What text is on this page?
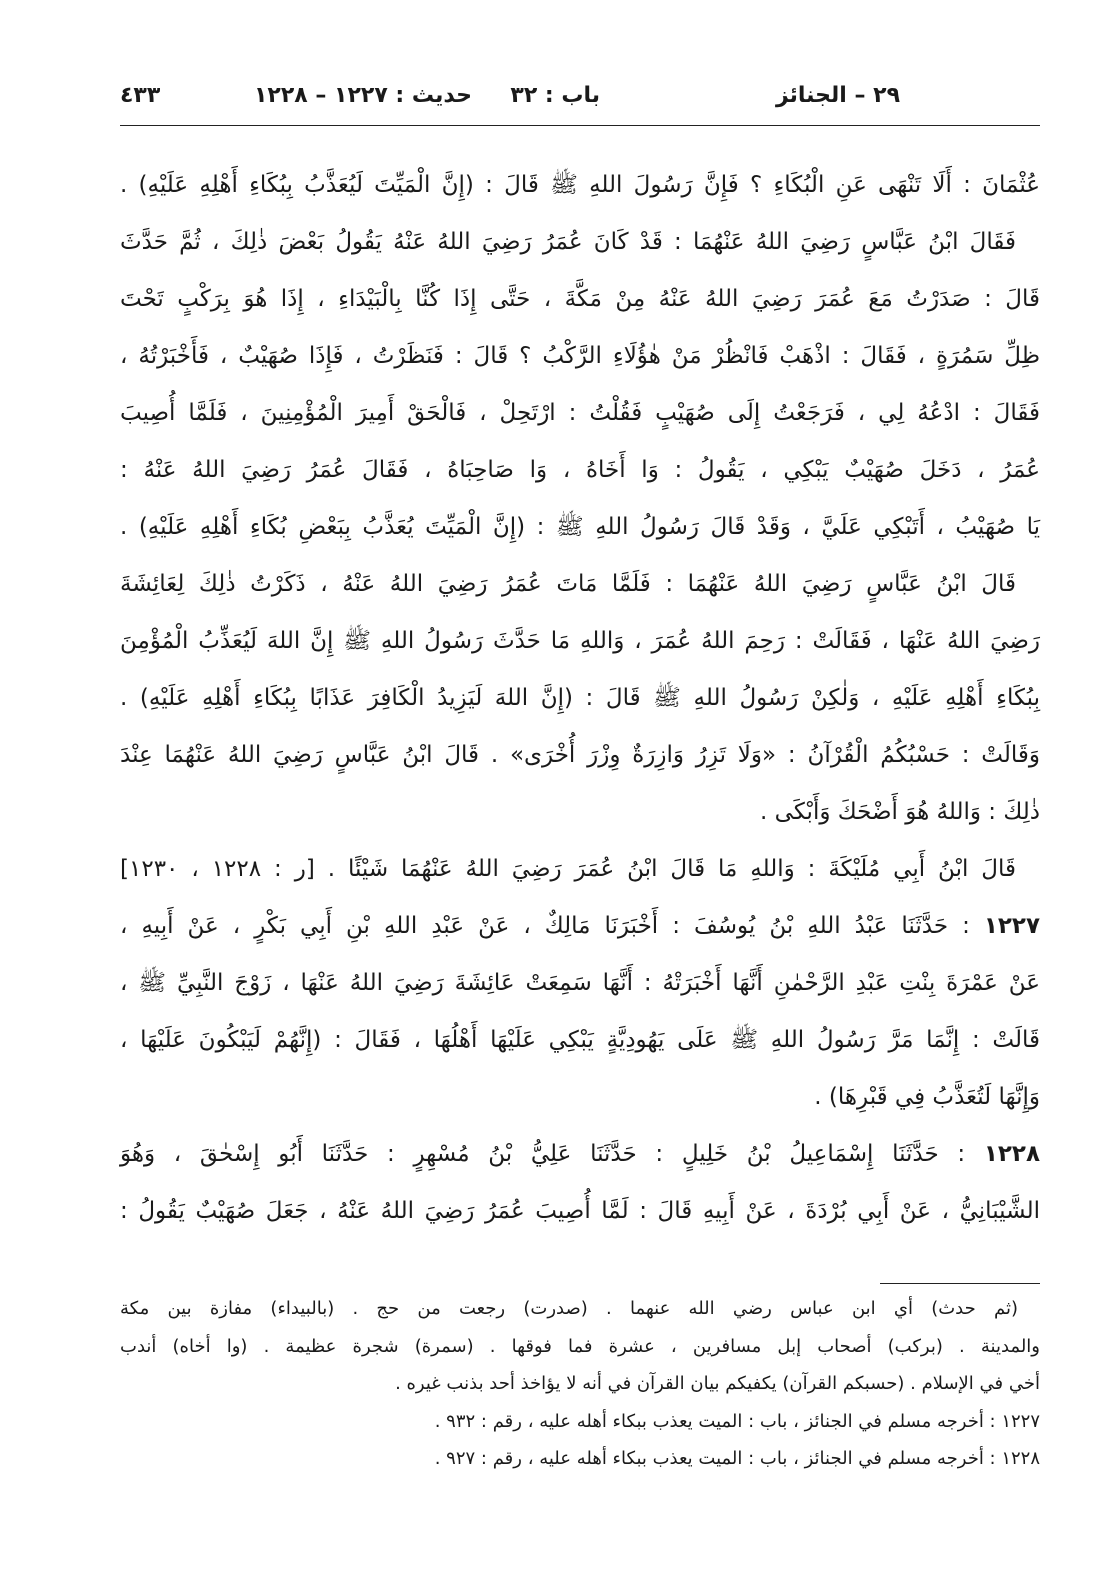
٢٩ – الجنائز
باب : ٣٢
حديث : ١٢٢٧ – ١٢٢٨
٤٣٣
عُثْمَانَ : أَلَا تَنْهَى عَنِ الْبُكَاءِ ؟ فَإِنَّ رَسُولَ اللهِ ﷺ قَالَ : (إِنَّ الْمَيِّتَ لَيُعَذَّبُ بِبُكَاءِ أَهْلِهِ عَلَيْهِ) .
فَقَالَ ابْنُ عَبَّاسٍ رَضِيَ اللهُ عَنْهُمَا : قَدْ كَانَ عُمَرُ رَضِيَ اللهُ عَنْهُ يَقُولُ بَعْضَ ذٰلِكَ ، ثُمَّ حَدَّثَ
قَالَ : صَدَرْتُ مَعَ عُمَرَ رَضِيَ اللهُ عَنْهُ مِنْ مَكَّةَ ، حَتَّى إِذَا كُنَّا بِالْبَيْدَاءِ ، إِذَا هُوَ بِرَكْبٍ تَحْتَ
ظِلِّ سَمُرَةٍ ، فَقَالَ : اذْهَبْ فَانْظُرْ مَنْ هٰؤُلَاءِ الرَّكْبُ ؟ قَالَ : فَنَظَرْتُ ، فَإِذَا صُهَيْبٌ ، فَأَخْبَرْتُهُ ،
فَقَالَ : ادْعُهُ لِي ، فَرَجَعْتُ إِلَى صُهَيْبٍ فَقُلْتُ : ارْتَحِلْ ، فَالْحَقْ أَمِيرَ الْمُؤْمِنِينَ ، فَلَمَّا أُصِيبَ
عُمَرُ ، دَخَلَ صُهَيْبٌ يَبْكِي ، يَقُولُ : وَا أَخَاهُ ، وَا صَاحِبَاهُ ، فَقَالَ عُمَرُ رَضِيَ اللهُ عَنْهُ :
يَا صُهَيْبُ ، أَتَبْكِي عَلَيَّ ، وَقَدْ قَالَ رَسُولُ اللهِ ﷺ : (إِنَّ الْمَيِّتَ يُعَذَّبُ بِبَعْضِ بُكَاءِ أَهْلِهِ عَلَيْهِ) .
قَالَ ابْنُ عَبَّاسٍ رَضِيَ اللهُ عَنْهُمَا : فَلَمَّا مَاتَ عُمَرُ رَضِيَ اللهُ عَنْهُ ، ذَكَرْتُ ذٰلِكَ لِعَائِشَةَ
رَضِيَ اللهُ عَنْهَا ، فَقَالَتْ : رَحِمَ اللهُ عُمَرَ ، وَاللهِ مَا حَدَّثَ رَسُولُ اللهِ ﷺ إِنَّ اللهَ لَيُعَذِّبُ الْمُؤْمِنَ
بِبُكَاءِ أَهْلِهِ عَلَيْهِ ، وَلٰكِنْ رَسُولُ اللهِ ﷺ قَالَ : (إِنَّ اللهَ لَيَزِيدُ الْكَافِرَ عَذَابًا بِبُكَاءِ أَهْلِهِ عَلَيْهِ) .
وَقَالَتْ : حَسْبُكُمُ الْقُرْآنُ : «وَلَا تَزِرُ وَازِرَةٌ وِزْرَ أُخْرَى» . قَالَ ابْنُ عَبَّاسٍ رَضِيَ اللهُ عَنْهُمَا عِنْدَ
ذٰلِكَ : وَاللهُ هُوَ أَضْحَكَ وَأَبْكَى .
قَالَ ابْنُ أَبِي مُلَيْكَةَ : وَاللهِ مَا قَالَ ابْنُ عُمَرَ رَضِيَ اللهُ عَنْهُمَا شَيْئًا . [ر : ١٢٢٨ ، ١٢٣٠]
١٢٢٧ : حَدَّثَنَا عَبْدُ اللهِ بْنُ يُوسُفَ : أَخْبَرَنَا مَالِكٌ ، عَنْ عَبْدِ اللهِ بْنِ أَبِي بَكْرٍ ، عَنْ أَبِيهِ ،
عَنْ عَمْرَةَ بِنْتِ عَبْدِ الرَّحْمٰنِ أَنَّهَا أَخْبَرَتْهُ : أَنَّهَا سَمِعَتْ عَائِشَةَ رَضِيَ اللهُ عَنْهَا ، زَوْجَ النَّبِيِّ ﷺ ،
قَالَتْ : إِنَّمَا مَرَّ رَسُولُ اللهِ ﷺ عَلَى يَهُودِيَّةٍ يَبْكِي عَلَيْهَا أَهْلُهَا ، فَقَالَ : (إِنَّهُمْ لَيَبْكُونَ عَلَيْهَا ،
وَإِنَّهَا لَتُعَذَّبُ فِي قَبْرِهَا) .
١٢٢٨ : حَدَّثَنَا إِسْمَاعِيلُ بْنُ خَلِيلٍ : حَدَّثَنَا عَلِيُّ بْنُ مُسْهِرٍ : حَدَّثَنَا أَبُو إِسْحٰقَ ، وَهُوَ
الشَّيْبَانِيُّ ، عَنْ أَبِي بُرْدَةَ ، عَنْ أَبِيهِ قَالَ : لَمَّا أُصِيبَ عُمَرُ رَضِيَ اللهُ عَنْهُ ، جَعَلَ صُهَيْبٌ يَقُولُ :
(ثم حدث) أي ابن عباس رضي الله عنهما . (صدرت) رجعت من حج . (بالبيداء) مفازة بين مكة
والمدينة . (بركب) أصحاب إبل مسافرين ، عشرة فما فوقها . (سمرة) شجرة عظيمة . (وا أخاه) أندب
أخي في الإسلام . (حسبكم القرآن) يكفيكم بيان القرآن في أنه لا يؤاخذ أحد بذنب غيره .
١٢٢٧ : أخرجه مسلم في الجنائز ، باب : الميت يعذب ببكاء أهله عليه ، رقم : ٩٣٢ .
١٢٢٨ : أخرجه مسلم في الجنائز ، باب : الميت يعذب ببكاء أهله عليه ، رقم : ٩٢٧ .
